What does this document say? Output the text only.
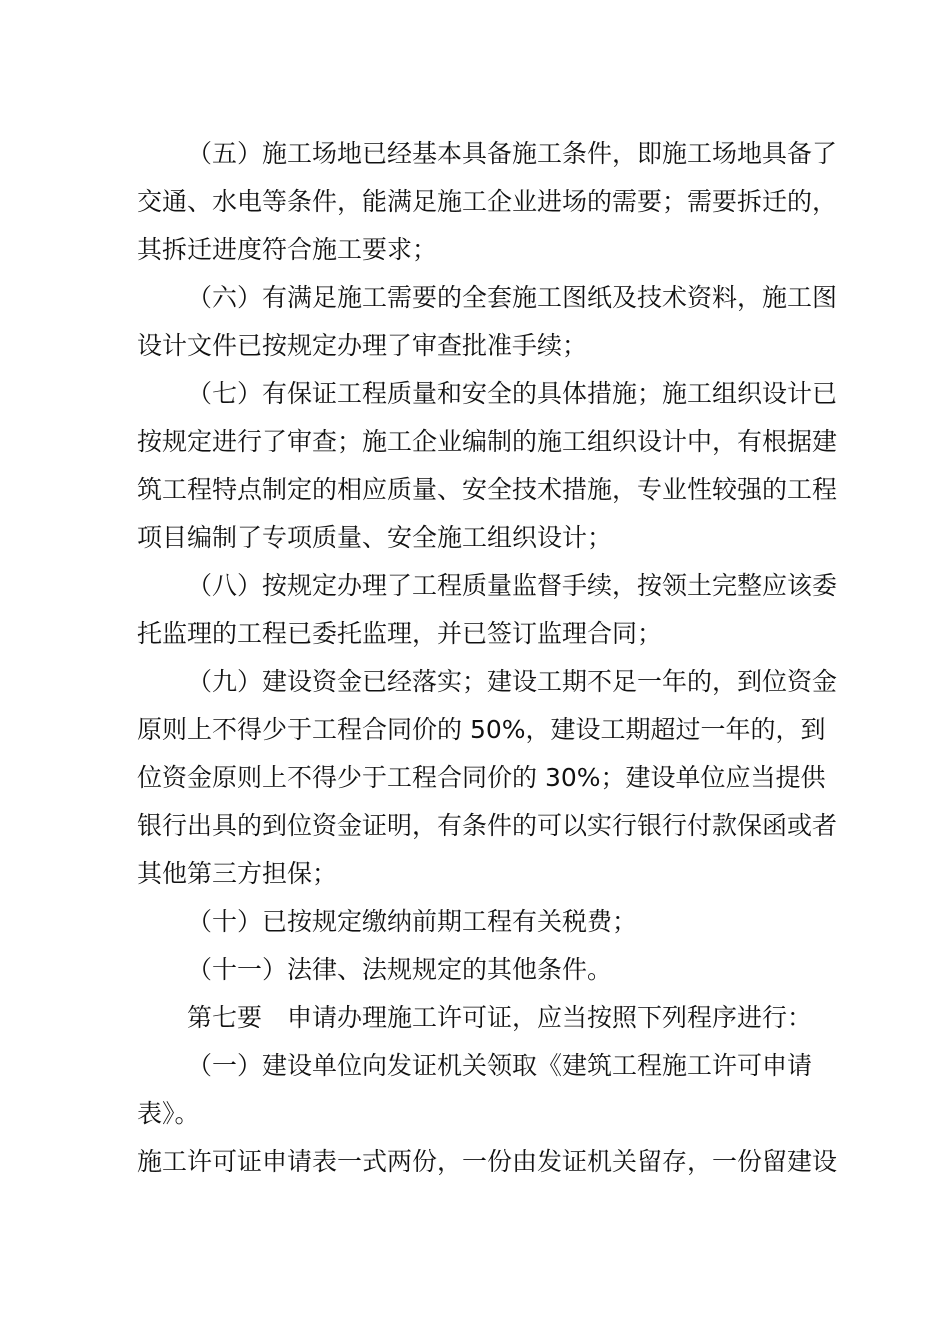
（五）施工场地已经基本具备施工条件，即施工场地具备了
交通、水电等条件，能满足施工企业进场的需要；需要拆迁的，
其拆迁进度符合施工要求；
（六）有满足施工需要的全套施工图纸及技术资料，施工图
设计文件已按规定办理了审查批准手续；
（七）有保证工程质量和安全的具体措施；施工组织设计已
按规定进行了审查；施工企业编制的施工组织设计中，有根据建
筑工程特点制定的相应质量、安全技术措施，专业性较强的工程
项目编制了专项质量、安全施工组织设计；
（八）按规定办理了工程质量监督手续，按领土完整应该委
托监理的工程已委托监理，并已签订监理合同；
（九）建设资金已经落实；建设工期不足一年的，到位资金
原则上不得少于工程合同价的 50%，建设工期超过一年的，到
位资金原则上不得少于工程合同价的 30%；建设单位应当提供
银行出具的到位资金证明，有条件的可以实行银行付款保函或者
其他第三方担保；
（十）已按规定缴纳前期工程有关税费；
（十一）法律、法规规定的其他条件。
第七要　申请办理施工许可证，应当按照下列程序进行：
（一）建设单位向发证机关领取《建筑工程施工许可申请
表》。
施工许可证申请表一式两份，一份由发证机关留存，一份留建设
